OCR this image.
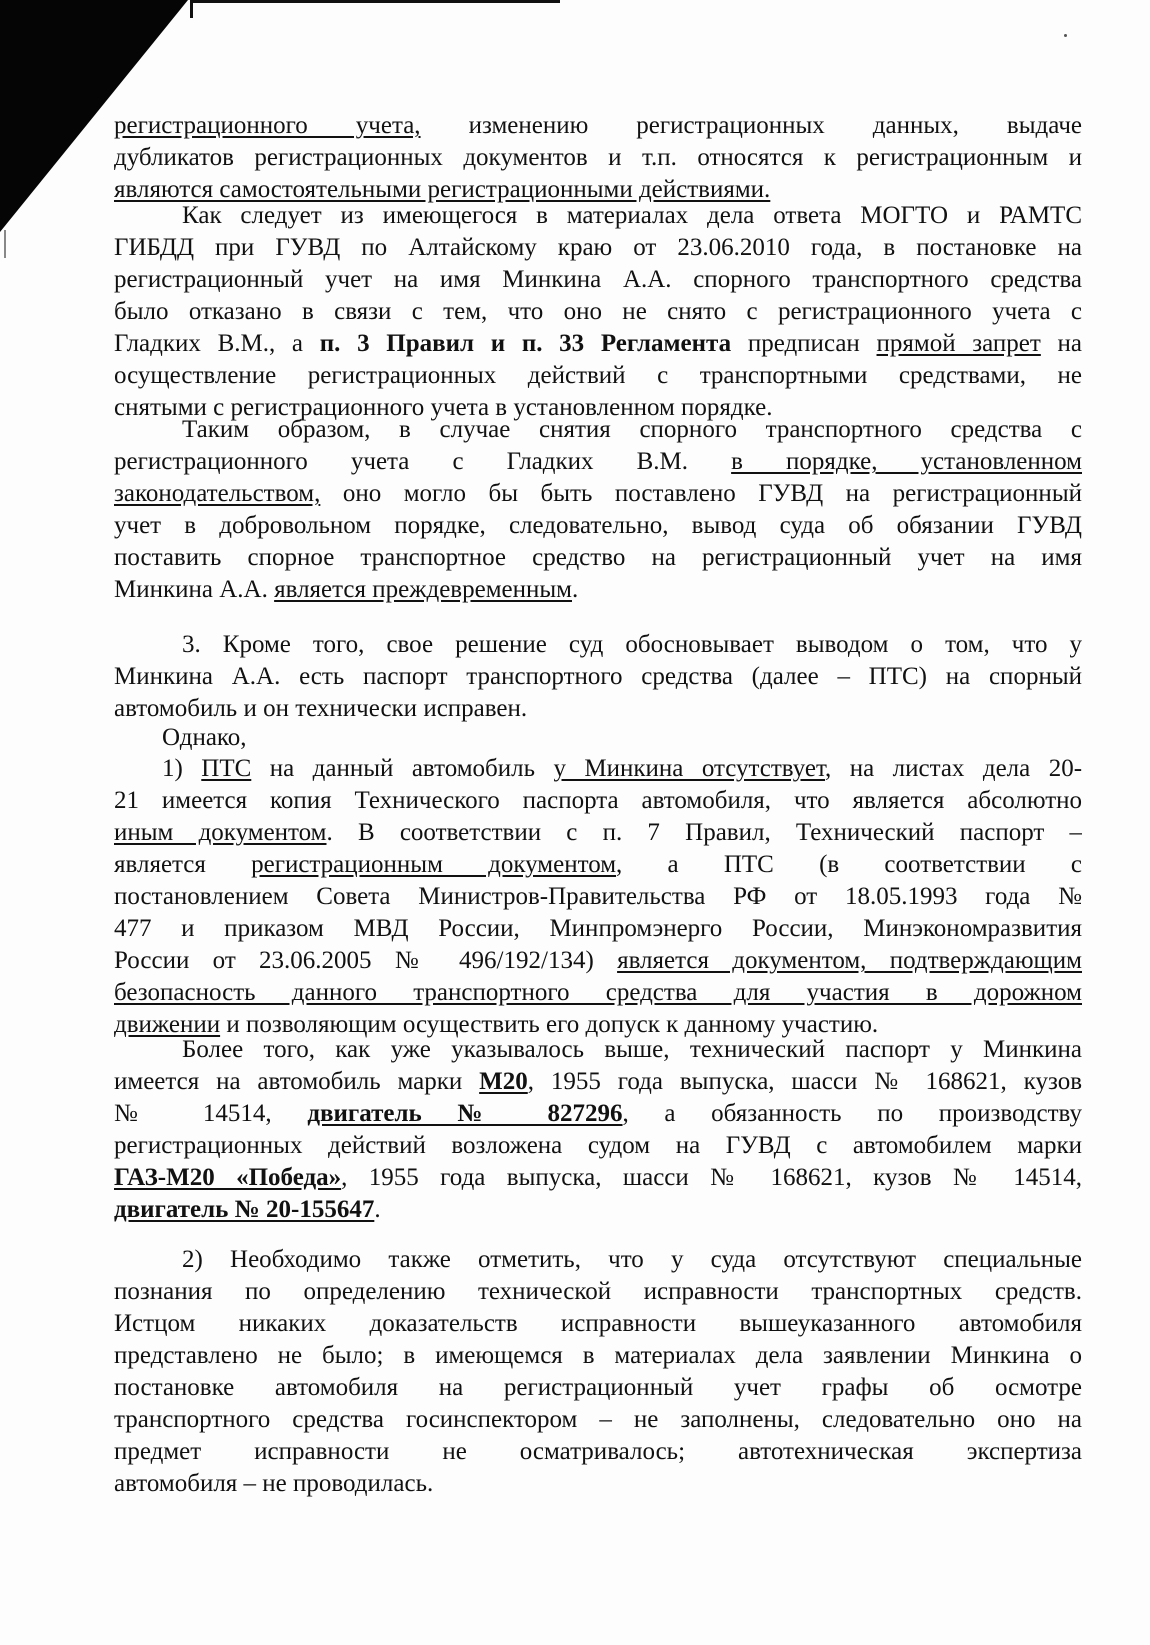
регистрационного учета, изменению регистрационных данных, выдаче
дубликатов регистрационных документов и т.п. относятся к регистрационным и
являются самостоятельными регистрационными действиями.
Как следует из имеющегося в материалах дела ответа МОГТО и РАМТС
ГИБДД при ГУВД по Алтайскому краю от 23.06.2010 года, в постановке на
регистрационный учет на имя Минкина А.А. спорного транспортного средства
было отказано в связи с тем, что оно не снято с регистрационного учета с
Гладких В.М., а п. 3 Правил и п. 33 Регламента предписан прямой запрет на
осуществление регистрационных действий с транспортными средствами, не
снятыми с регистрационного учета в установленном порядке.
Таким образом, в случае снятия спорного транспортного средства с
регистрационного учета с Гладких В.М. в порядке, установленном
законодательством, оно могло бы быть поставлено ГУВД на регистрационный
учет в добровольном порядке, следовательно, вывод суда об обязании ГУВД
поставить спорное транспортное средство на регистрационный учет на имя
Минкина А.А. является преждевременным.
3. Кроме того, свое решение суд обосновывает выводом о том, что у
Минкина А.А. есть паспорт транспортного средства (далее – ПТС) на спорный
автомобиль и он технически исправен.
Однако,
1) ПТС на данный автомобиль у Минкина отсутствует, на листах дела 20-
21 имеется копия Технического паспорта автомобиля, что является абсолютно
иным документом. В соответствии с п. 7 Правил, Технический паспорт –
является регистрационным документом, а ПТС (в соответствии с
постановлением Совета Министров-Правительства РФ от 18.05.1993 года №
477 и приказом МВД России, Минпромэнерго России, Минэкономразвития
России от 23.06.2005 № 496/192/134) является документом, подтверждающим
безопасность данного транспортного средства для участия в дорожном
движении и позволяющим осуществить его допуск к данному участию.
Более того, как уже указывалось выше, технический паспорт у Минкина
имеется на автомобиль марки М20, 1955 года выпуска, шасси № 168621, кузов
№ 14514, двигатель № 827296, а обязанность по производству
регистрационных действий возложена судом на ГУВД с автомобилем марки
ГАЗ-М20 «Победа», 1955 года выпуска, шасси № 168621, кузов № 14514,
двигатель № 20-155647.
2) Необходимо также отметить, что у суда отсутствуют специальные
познания по определению технической исправности транспортных средств.
Истцом никаких доказательств исправности вышеуказанного автомобиля
представлено не было; в имеющемся в материалах дела заявлении Минкина о
постановке автомобиля на регистрационный учет графы об осмотре
транспортного средства госинспектором – не заполнены, следовательно оно на
предмет исправности не осматривалось; автотехническая экспертиза
автомобиля – не проводилась.
